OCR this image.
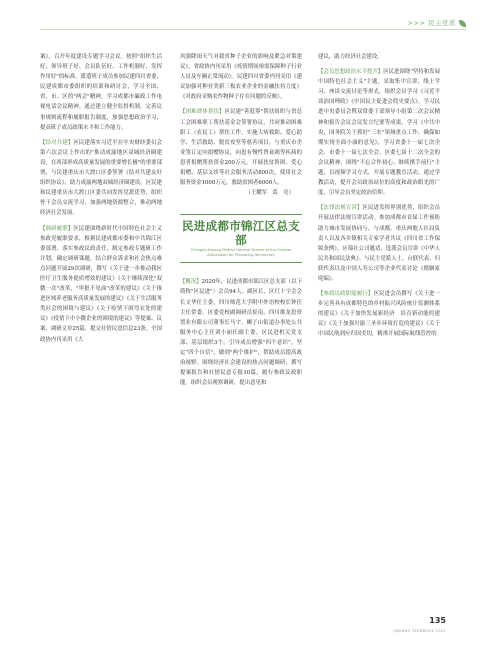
>>> 民主党派

案》，召开年度建设专题学习会议。按照"组织生活好、领导班子好、会员队伍好、工作机制好、发挥作用好"的标准，派遣班子成员参加民建四川省委、民建成都市委组织的培训和研讨会，学习全国、省、市、区的"两会"精神，学习成都市廉政工作电视电话会议精神。通过建立健全监督机制，完善议事规则流程和履职报告制度，加强思想政治学习，提高班子成员政策水平和工作能力。

【结对共建】区民建落实习近平在中央财经委员会第六次会议上作出的"推动成渝地区双城经济圈建设，在西部形成高质量发展的重要增长极"的重要部署，与民建重庆市大渡口区委签署《结对共建友好组织协议》，助力成渝两地双城经济圈建设。区民建和民建重庆市大渡口区委共同发挥党派优势，组织骨干会员交流学习，加强两地资源整合，推动两地经济社会发展。

【调研履职】区民建围绕新时代中国特色社会主义参政党履职要求，根据民建成都市委和中共锦江区委部署，落实参政议政责任，制定参政专题研工作计划，确定调研课题，结合群众诉求和社会热点难点问题开展29次调研，撰写《关于进一步推动我区医疗卫生服务提质增效的建议》《关于继续深化"双微一次"改革，"审批不见面"改革的建议》《关于推进区域养老服务高质量发展的建议》《关于生活服务类社会的困境与建议》《关于疫情下困弯衣处的建议》《疫情下中小微企业的困境的建议》等提案、议案、调研文章25篇，提交社情民意信息23条。全国政协内刊采用《大

风强降雨天气对我省种子企业的影响及紧急对策建议》，省政协内刊采用《疫情期间亟需保障种子行业人员及车辆正常流动》。民建四川省委内刊采用《建议加强对种业类新三板农业企业的金融扶持力度》《对政府采购农作物种子存在问题的反映》。

【困难群体帮扶】区民建"善逛筹"帮扶组织与省总工会困难职工帮扶基金会签署协议，共同推动困难职工（农民工）帮扶工作，实施大病救助、爱心助学、生活救助、脱贫攻坚等慈善项目。与重庆市企业签订定向捐赠协议，向患有慢性肾衰竭等疾病的患者捐赠帮扶资金200万元。开展扶贫帮困、爱心捐赠、基层义诊等社会服务活动800次，使用社会服务资金1000万元，救助贫困者6000人。

（王耀军　葛　亮）

民进成都市锦江区总支部
Chengdu Jinjiang District General Branch of the Chinese Association for Promoting Democracy

【概况】2020年，民进成都市锦江区总支部（以下简称"区民进"）会员94人。副区长、区红十字会会长文华任主委，四川师范大学附中外语校校长钟任主任常委。区委党校副调研员崔南、四川维龙投资置业有限公司董事长马宇、狮子山街道办事处公共服务中心主任刘小丽任副主委。区民进机关党支部、基层组织3个。引导成员增强"四个意识"，坚定"四个自信"，做到"两个维护"，帮助成员提高政治视野。围绕经济社会建设的热点问题调研，撰写提案报告和社情民意专报10篇，履行参政议政职能。组织会员观察调研，提出意见和

建议，助力经济社会建设。

【会员思想政治水平提升】区民进围绕"坚持和发展中国特色社会主义"主题，采取集中宣讲、线上学习、座谈交流讨论等形式，组织会员学习《习近平谈治国理政》《中国民主促进会简史要点》，学习民进中央委员会暨双常委干部领导小组第二次会议精神和报告会议会议发言纪要等成果，学习《中共中央、国务院关于抓好"三农"领域重点工作，确保如期实现全面小康的意见》，学习省委十一届七次全会、市委十一届七次全会、区委七届十二次全会的会议精神，围绕"不忘合作初心、继续携手前行"主题，以视频学习方式，开展专题教育活动。通过学教活动，提升会员政治站位的高度和政治眼光的广度，引导会员坚定政治信仰。

【法律法规宣讲】区民进发挥界别优势，组织会员开展法律法规宣讲活动。参加成都市首届工作预防助力城市发展协同与，与成都、重庆两地人社局负责人以及各乡镇相关专家学者共议《四川省工作保障条例》。应锦社公司邀请，选派会员宣讲《中华人民共和国民法典》。与民主党派人士、台联代表、归联代表以及中国人寿公司等企业代表讨论《婚姻家庭编》。

【参政议政职能履行】区民进会员撰写《关于进一步完善具有成都特色的乡村振兴风险统计监测体系的建议》《关于加快发展新经济　培育新动能的建议》《关于加强川渝三圣乡环境打造的建议》《关于中国民航到应归国美切，精准开展国际航线管控的

135
JINJIANG YEARBOOK 2021
